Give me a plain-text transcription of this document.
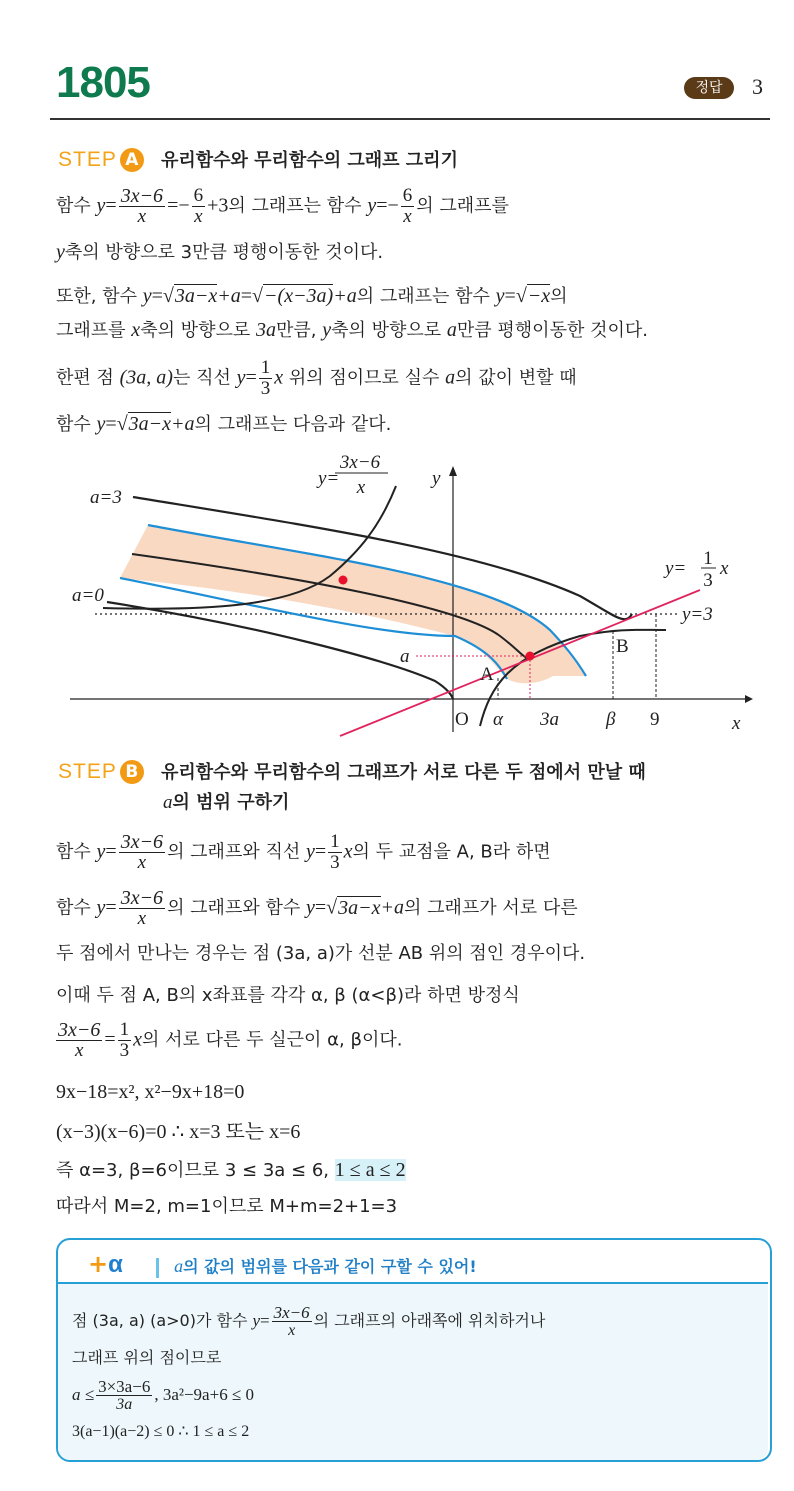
1805	정답	3
STEP A 유리함수와 무리함수의 그래프 그리기
함수 $y= \frac{3x-6}{x} =- \frac{6}{x} +3$의 그래프는 함수 $y=- \frac{6}{x}$ 의 그래프를
y축의 방향으로 3만큼 평행이동한 것이다.
또한, 함수 y=√3a−x+a=√−(x−3a)+a의 그래프는 함수 y=√−x의
그래프를 x축의 방향으로 3a만큼, y축의 방향으로 a만큼 평행이동한 것이다.
한편 점 (3a, a)는 직선 $y= \frac{1}{3}$ x 위의 점이므로 실수 a의 값이 변할 때
함수 y=√3a−x+a의 그래프는 다음과 같다.
a=3
a=0
y=
3x−6
x	y
x
y= 1
3
x
y=3
a
A
B
O α 3a β 9
STEP B 유리함수와 무리함수의 그래프가 서로 다른 두 점에서 만날 때
a의 범위 구하기
함수 $y= \frac{3x-6}{x}$ 의 그래프와 직선 $y= \frac{1}{3}$ x의 두 교점을 A, B라 하면
함수 $y= \frac{3x-6}{x}$ 의 그래프와 함수 y=√3a−x+a의 그래프가 서로 다른
두 점에서 만나는 경우는 점 (3a, a)가 선분 AB 위의 점인 경우이다.
이때 두 점 A, B의 x좌표를 각각 α, β (α<β)라 하면 방정식
$\frac{3x-6}{x} = \frac{1}{3}$ x의 서로 다른 두 실근이 α, β이다.
9x−18=x², x²−9x+18=0
(x−3)(x−6)=0 ∴ x=3 또는 x=6
즉 α=3, β=6이므로 3 ≤ 3a ≤ 6, 1 ≤ a ≤ 2
따라서 M=2, m=1이므로 M+m=2+1=3
+α	a의 값의 범위를 다음과 같이 구할 수 있어!
점 (3a, a) (a>0)가 함수 $y= \frac{3x-6}{x}$ 의 그래프의 아래쪽에 위치하거나
그래프 위의 점이므로
$a \le \frac{3\times 3a-6}{3a}$ , 3a²−9a+6 ≤ 0
3(a−1)(a−2) ≤ 0 ∴ 1 ≤ a ≤ 2
